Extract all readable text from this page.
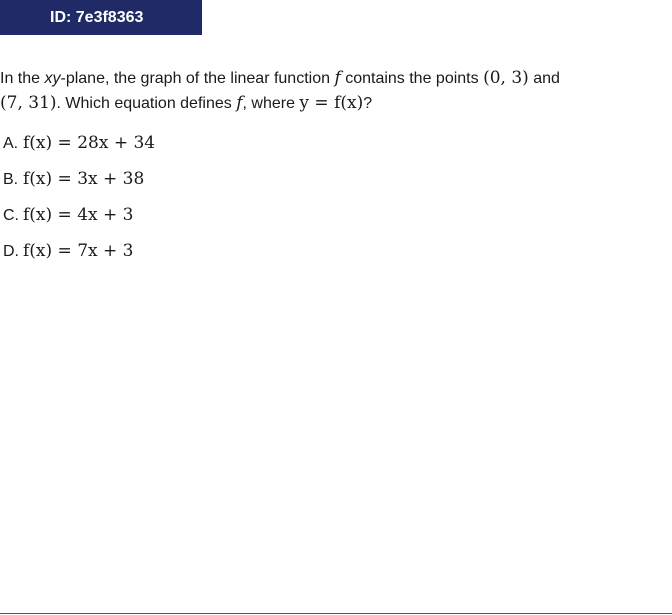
ID: 7e3f8363
In the xy-plane, the graph of the linear function f contains the points (0, 3) and
(7, 31). Which equation defines f, where y = f(x)?
A. f(x) = 28x + 34
B. f(x) = 3x + 38
C. f(x) = 4x + 3
D. f(x) = 7x + 3
